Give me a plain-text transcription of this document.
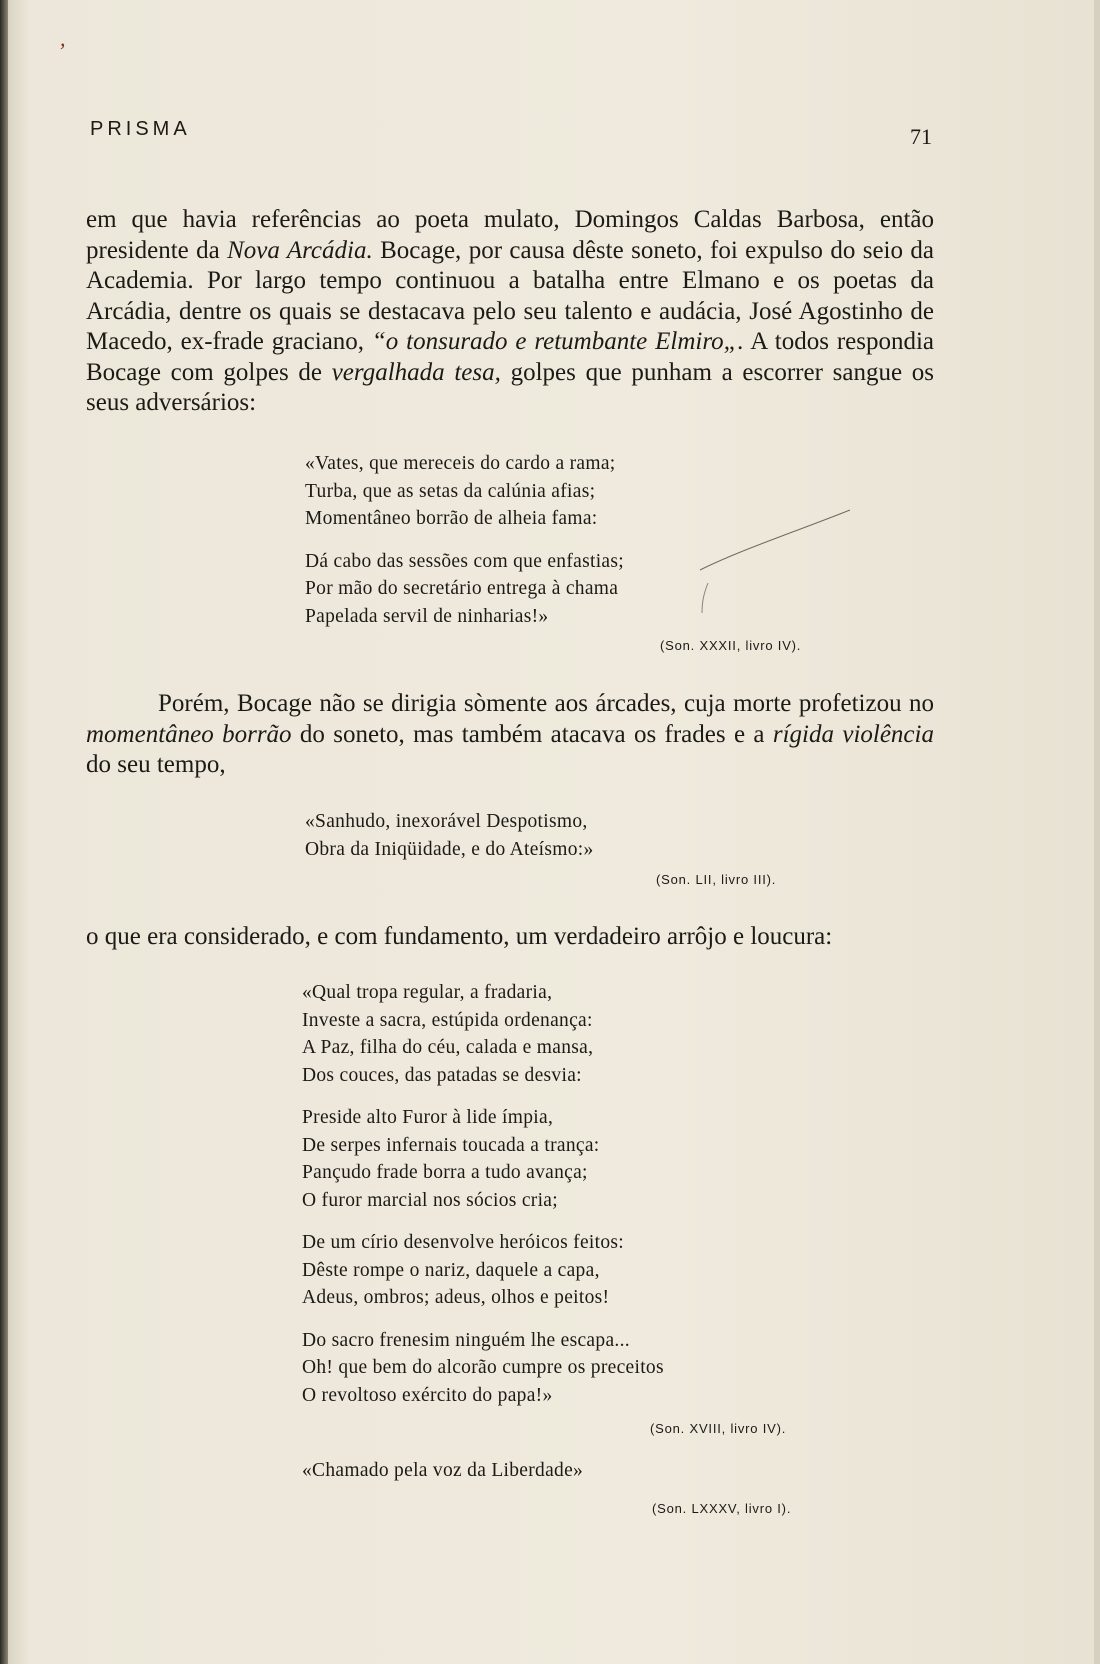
,
PRISMA	71

em que havia referências ao poeta mulato, Domingos Caldas Barbosa, então presidente da Nova Arcádia. Bocage, por causa dêste soneto, foi expulso do seio da Academia. Por largo tempo continuou a batalha entre Elmano e os poetas da Arcádia, dentre os quais se destacava pelo seu talento e audácia, José Agostinho de Macedo, ex-frade graciano, “o tonsurado e retumbante Elmiro„. A todos respondia Bocage com golpes de vergalhada tesa, golpes que punham a escorrer sangue os seus adversários:

«Vates, que mereceis do cardo a rama;
Turba, que as setas da calúnia afias;
Momentâneo borrão de alheia fama:
Dá cabo das sessões com que enfastias;
Por mão do secretário entrega à chama
Papelada servil de ninharias!»
(Son. XXXII, livro IV).

Porém, Bocage não se dirigia sòmente aos árcades, cuja morte profetizou no momentâneo borrão do soneto, mas também atacava os frades e a rígida violência do seu tempo,

«Sanhudo, inexorável Despotismo,
Obra da Iniqüidade, e do Ateísmo:»
(Son. LII, livro III).

o que era considerado, e com fundamento, um verdadeiro arrôjo e loucura:

«Qual tropa regular, a fradaria,
Investe a sacra, estúpida ordenança:
A Paz, filha do céu, calada e mansa,
Dos couces, das patadas se desvia:
Preside alto Furor à lide ímpia,
De serpes infernais toucada a trança:
Pançudo frade borra a tudo avança;
O furor marcial nos sócios cria;
De um círio desenvolve heróicos feitos:
Dêste rompe o nariz, daquele a capa,
Adeus, ombros; adeus, olhos e peitos!
Do sacro frenesim ninguém lhe escapa...
Oh! que bem do alcorão cumpre os preceitos
O revoltoso exército do papa!»
(Son. XVIII, livro IV).
«Chamado pela voz da Liberdade»
(Son. LXXXV, livro I).
